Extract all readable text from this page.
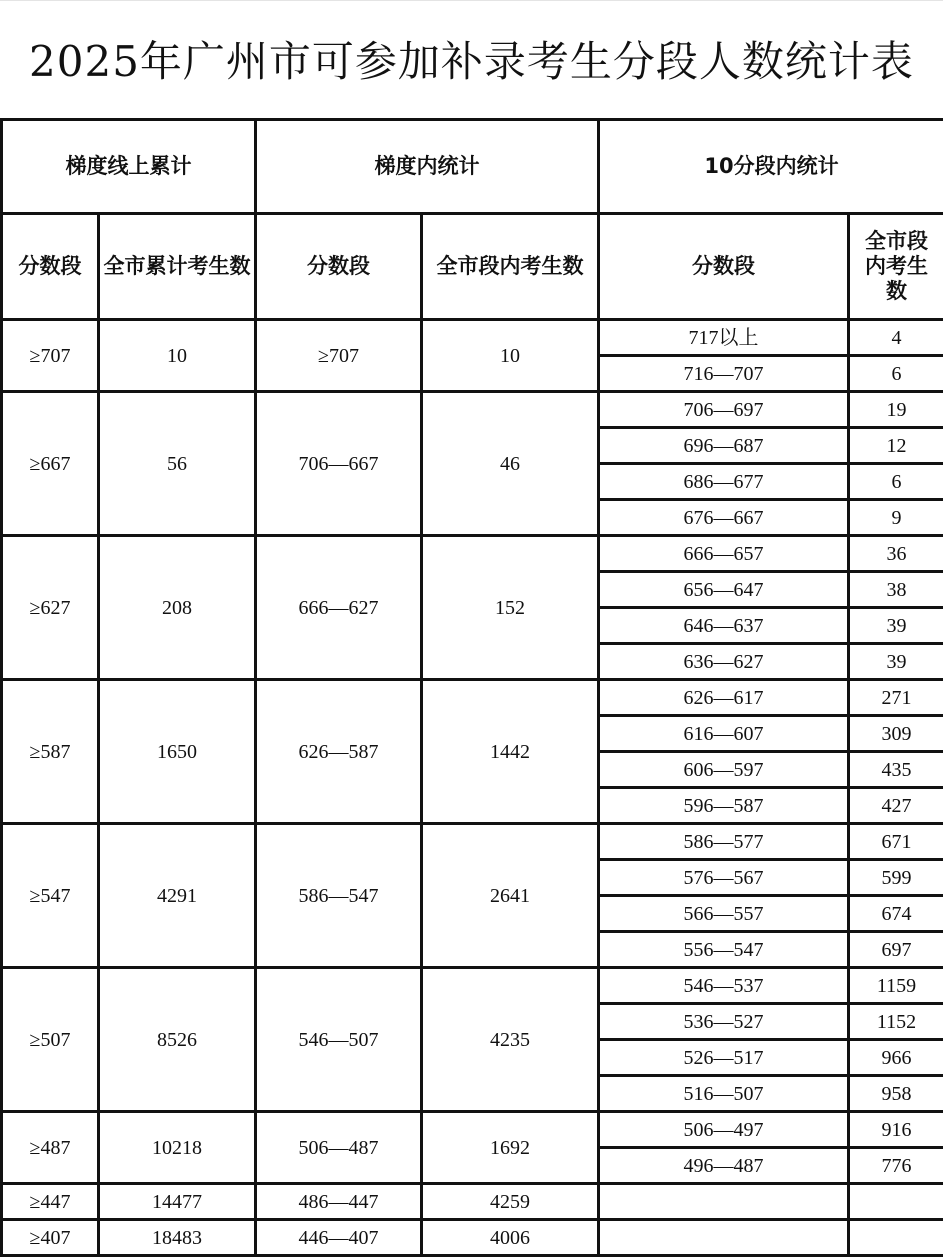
2025年广州市可参加补录考生分段人数统计表
梯度线上累计		梯度内统计		10分段内统计	
分数段	全市累计考生数	分数段	全市段内考生数	分数段	全市段内考生数
≥707	10	≥707	10	717以上	4
				716—707	6
≥667	56	706—667	46	706—697	19
				696—687	12
				686—677	6
				676—667	9
≥627	208	666—627	152	666—657	36
				656—647	38
				646—637	39
				636—627	39
≥587	1650	626—587	1442	626—617	271
				616—607	309
				606—597	435
				596—587	427
≥547	4291	586—547	2641	586—577	671
				576—567	599
				566—557	674
				556—547	697
≥507	8526	546—507	4235	546—537	1159
				536—527	1152
				526—517	966
				516—507	958
≥487	10218	506—487	1692	506—497	916
				496—487	776
≥447	14477	486—447	4259		
≥407	18483	446—407	4006		
